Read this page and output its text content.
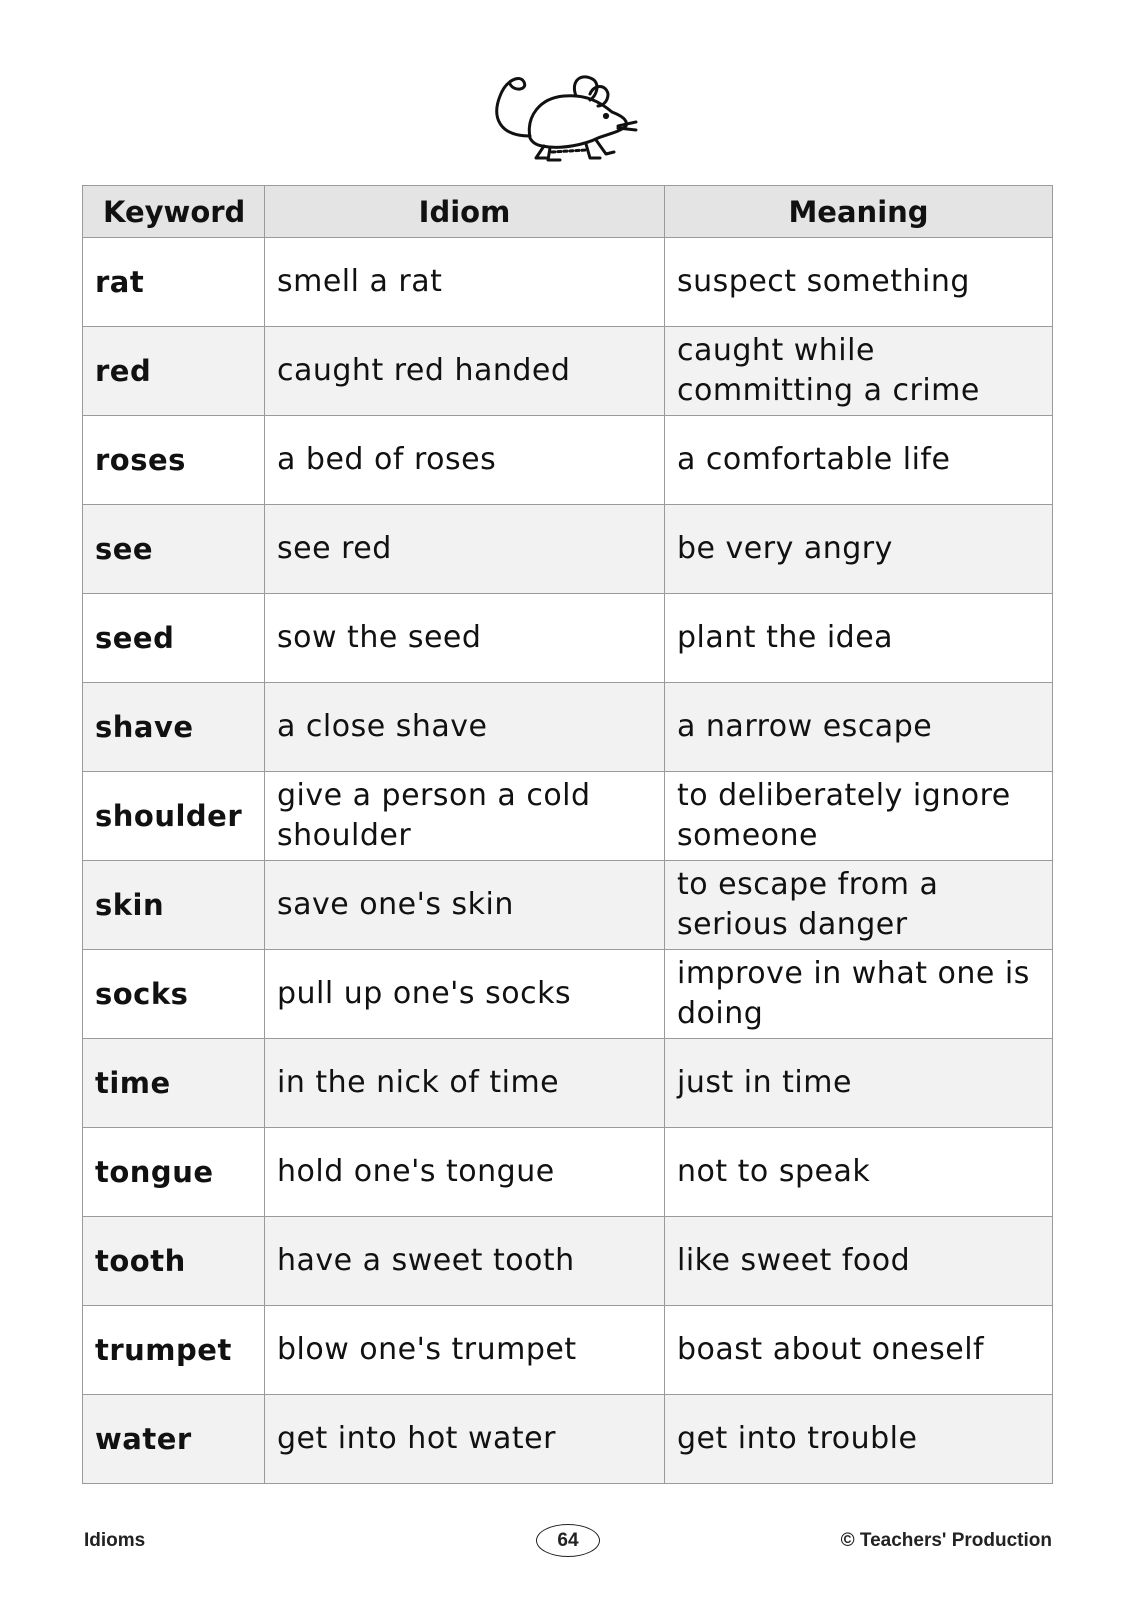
Keyword	Idiom	Meaning
rat	smell a rat	suspect something
red	caught red handed	caught while committing a crime
roses	a bed of roses	a comfortable life
see	see red	be very angry
seed	sow the seed	plant the idea
shave	a close shave	a narrow escape
shoulder	give a person a cold shoulder	to deliberately ignore someone
skin	save one's skin	to escape from a serious danger
socks	pull up one's socks	improve in what one is doing
time	in the nick of time	just in time
tongue	hold one's tongue	not to speak
tooth	have a sweet tooth	like sweet food
trumpet	blow one's trumpet	boast about oneself
water	get into hot water	get into trouble
Idioms	64	© Teachers' Production
